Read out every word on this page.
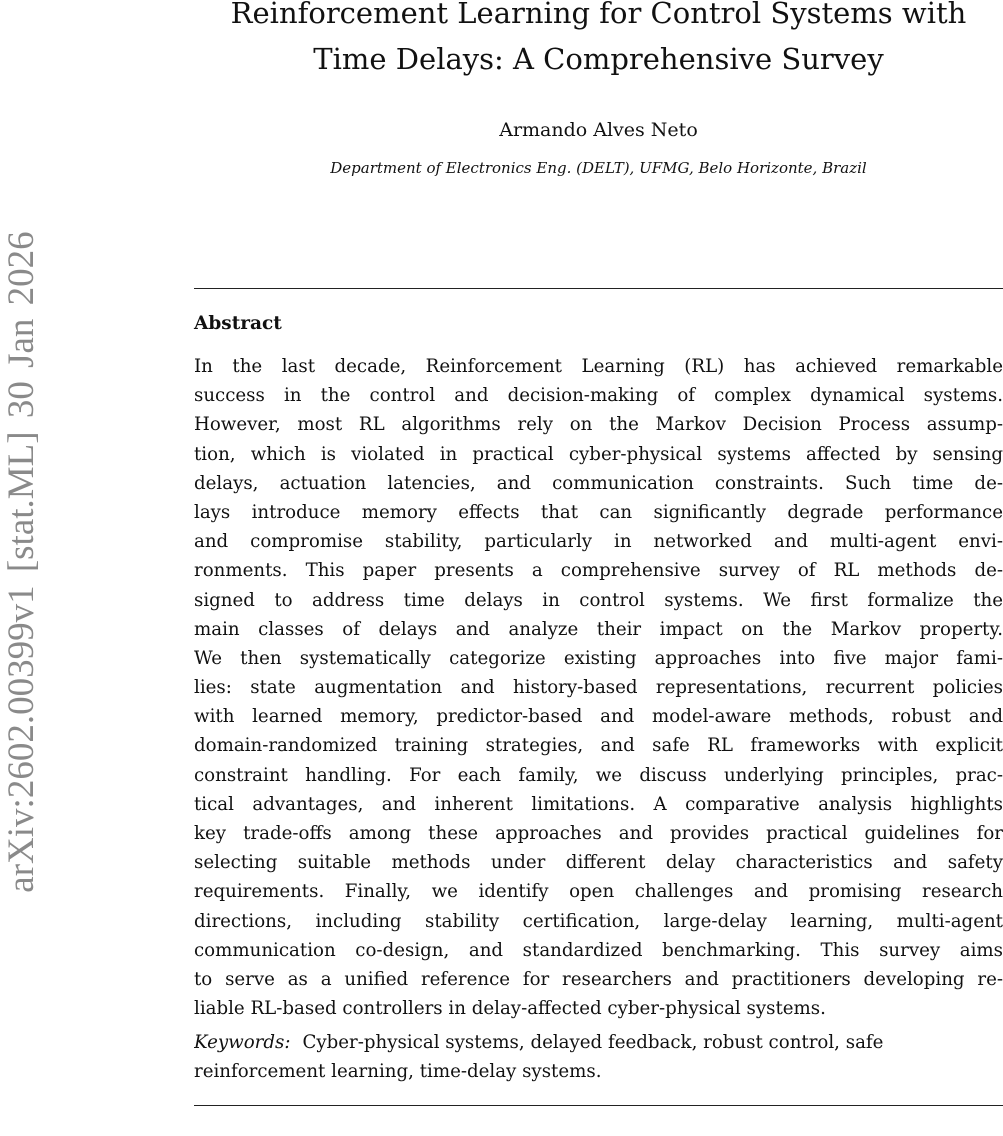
arXiv:2602.00399v1 [stat.ML] 30 Jan 2026
Reinforcement Learning for Control Systems with
Time Delays: A Comprehensive Survey
Armando Alves Neto
Department of Electronics Eng. (DELT), UFMG, Belo Horizonte, Brazil
Abstract
In the last decade, Reinforcement Learning (RL) has achieved remarkable
success in the control and decision-making of complex dynamical systems.
However, most RL algorithms rely on the Markov Decision Process assump-
tion, which is violated in practical cyber-physical systems affected by sensing
delays, actuation latencies, and communication constraints. Such time de-
lays introduce memory effects that can significantly degrade performance
and compromise stability, particularly in networked and multi-agent envi-
ronments. This paper presents a comprehensive survey of RL methods de-
signed to address time delays in control systems. We first formalize the
main classes of delays and analyze their impact on the Markov property.
We then systematically categorize existing approaches into five major fami-
lies: state augmentation and history-based representations, recurrent policies
with learned memory, predictor-based and model-aware methods, robust and
domain-randomized training strategies, and safe RL frameworks with explicit
constraint handling. For each family, we discuss underlying principles, prac-
tical advantages, and inherent limitations. A comparative analysis highlights
key trade-offs among these approaches and provides practical guidelines for
selecting suitable methods under different delay characteristics and safety
requirements. Finally, we identify open challenges and promising research
directions, including stability certification, large-delay learning, multi-agent
communication co-design, and standardized benchmarking. This survey aims
to serve as a unified reference for researchers and practitioners developing re-
liable RL-based controllers in delay-affected cyber-physical systems.
Keywords: Cyber-physical systems, delayed feedback, robust control, safe
reinforcement learning, time-delay systems.
